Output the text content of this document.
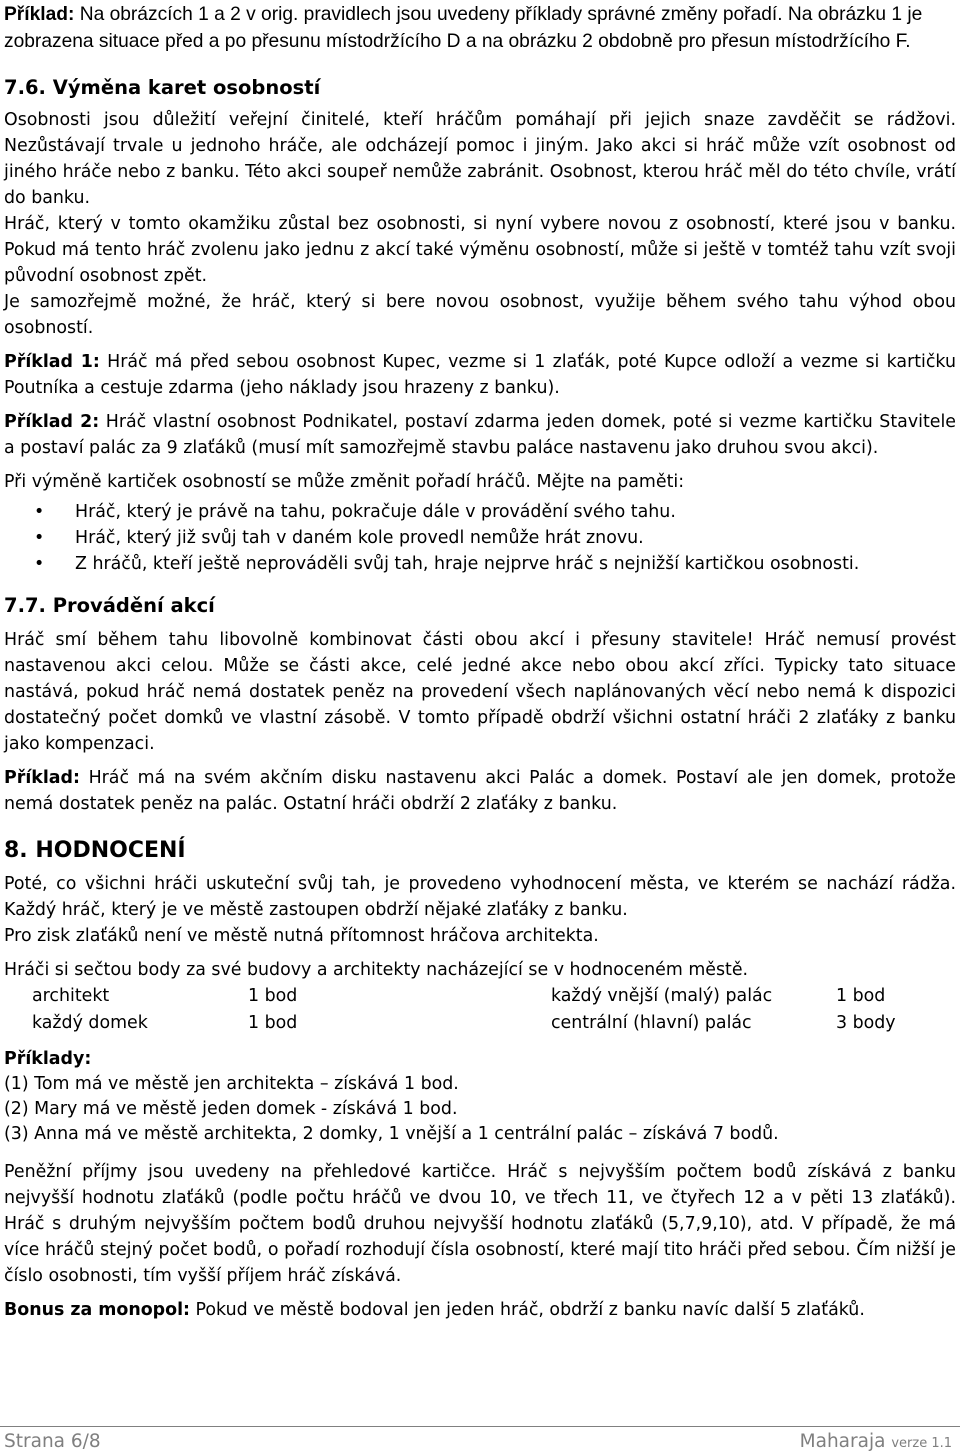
Příklad: Na obrázcích 1 a 2 v orig. pravidlech jsou uvedeny příklady správné změny pořadí. Na obrázku 1 je zobrazena situace před a po přesunu místodržícího D a na obrázku 2 obdobně pro přesun místodržícího F.

7.6. Výměna karet osobností

Osobnosti jsou důležití veřejní činitelé, kteří hráčům pomáhají při jejich snaze zavděčit se rádžovi. Nezůstávají trvale u jednoho hráče, ale odcházejí pomoc i jiným. Jako akci si hráč může vzít osobnost od jiného hráče nebo z banku. Této akci soupeř nemůže zabránit. Osobnost, kterou hráč měl do této chvíle, vrátí do banku.

Hráč, který v tomto okamžiku zůstal bez osobnosti, si nyní vybere novou z osobností, které jsou v banku. Pokud má tento hráč zvolenu jako jednu z akcí také výměnu osobností, může si ještě v tomtéž tahu vzít svoji původní osobnost zpět.

Je samozřejmě možné, že hráč, který si bere novou osobnost, využije během svého tahu výhod obou osobností.

Příklad 1: Hráč má před sebou osobnost Kupec, vezme si 1 zlaťák, poté Kupce odloží a vezme si kartičku Poutníka a cestuje zdarma (jeho náklady jsou hrazeny z banku).

Příklad 2: Hráč vlastní osobnost Podnikatel, postaví zdarma jeden domek, poté si vezme kartičku Stavitele a postaví palác za 9 zlaťáků (musí mít samozřejmě stavbu paláce nastavenu jako druhou svou akci).

Při výměně kartiček osobností se může změnit pořadí hráčů. Mějte na paměti:

• Hráč, který je právě na tahu, pokračuje dále v provádění svého tahu.
• Hráč, který již svůj tah v daném kole provedl nemůže hrát znovu.
• Z hráčů, kteří ještě neprováděli svůj tah, hraje nejprve hráč s nejnižší kartičkou osobnosti.
7.7. Provádění akcí

Hráč smí během tahu libovolně kombinovat části obou akcí i přesuny stavitele! Hráč nemusí provést nastavenou akci celou. Může se části akce, celé jedné akce nebo obou akcí zříci. Typicky tato situace nastává, pokud hráč nemá dostatek peněz na provedení všech naplánovaných věcí nebo nemá k dispozici dostatečný počet domků ve vlastní zásobě. V tomto případě obdrží všichni ostatní hráči 2 zlaťáky z banku jako kompenzaci.

Příklad: Hráč má na svém akčním disku nastavenu akci Palác a domek. Postaví ale jen domek, protože nemá dostatek peněz na palác. Ostatní hráči obdrží 2 zlaťáky z banku.

8. HODNOCENÍ

Poté, co všichni hráči uskuteční svůj tah, je provedeno vyhodnocení města, ve kterém se nachází rádža. Každý hráč, který je ve městě zastoupen obdrží nějaké zlaťáky z banku.

Pro zisk zlaťáků není ve městě nutná přítomnost hráčova architekta.

Hráči si sečtou body za své budovy a architekty nacházející se v hodnoceném městě.

architekt	1 bod	každý vnější (malý) palác	1 bod
každý domek	1 bod	centrální (hlavní) palác	3 body

Příklady:

(1) Tom má ve městě jen architekta – získává 1 bod.

(2) Mary má ve městě jeden domek - získává 1 bod.

(3) Anna má ve městě architekta, 2 domky, 1 vnější a 1 centrální palác – získává 7 bodů.

Peněžní příjmy jsou uvedeny na přehledové kartičce. Hráč s nejvyšším počtem bodů získává z banku nejvyšší hodnotu zlaťáků (podle počtu hráčů ve dvou 10, ve třech 11, ve čtyřech 12 a v pěti 13 zlaťáků). Hráč s druhým nejvyšším počtem bodů druhou nejvyšší hodnotu zlaťáků (5,7,9,10), atd. V případě, že má více hráčů stejný počet bodů, o pořadí rozhodují čísla osobností, které mají tito hráči před sebou. Čím nižší je číslo osobnosti, tím vyšší příjem hráč získává.

Bonus za monopol: Pokud ve městě bodoval jen jeden hráč, obdrží z banku navíc další 5 zlaťáků.

Strana 6/8	Maharaja verze 1.1
